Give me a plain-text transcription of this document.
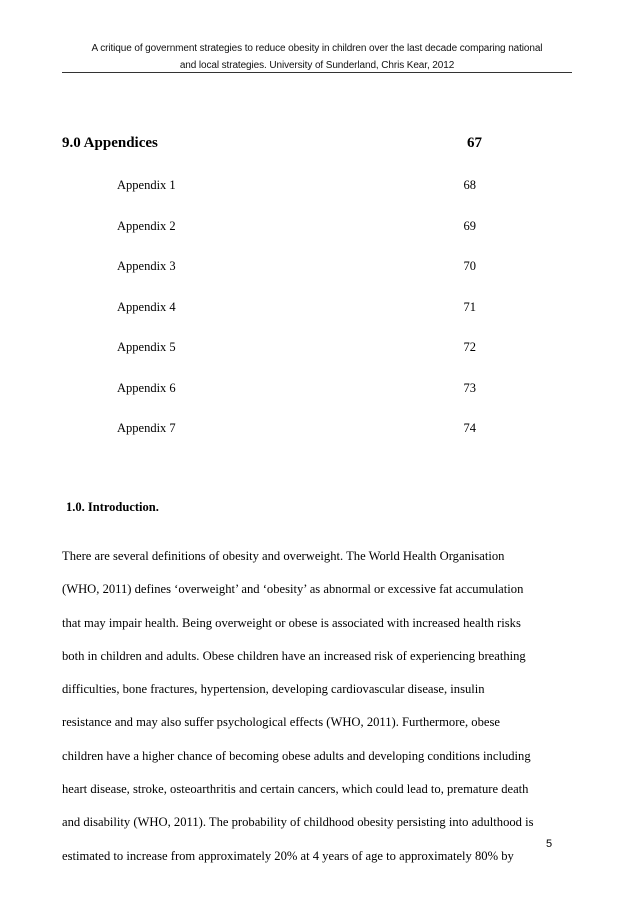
A critique of government strategies to reduce obesity in children over the last decade comparing national
and local strategies. University of Sunderland, Chris Kear, 2012
9.0 Appendices	67
Appendix 1	68
Appendix 2	69
Appendix 3	70
Appendix 4	71
Appendix 5	72
Appendix 6	73
Appendix 7	74
1.0. Introduction.
There are several definitions of obesity and overweight. The World Health Organisation
(WHO, 2011) defines ‘overweight’ and ‘obesity’ as abnormal or excessive fat accumulation
that may impair health. Being overweight or obese is associated with increased health risks
both in children and adults. Obese children have an increased risk of experiencing breathing
difficulties, bone fractures, hypertension, developing cardiovascular disease, insulin
resistance and may also suffer psychological effects (WHO, 2011). Furthermore, obese
children have a higher chance of becoming obese adults and developing conditions including
heart disease, stroke, osteoarthritis and certain cancers, which could lead to, premature death
and disability (WHO, 2011). The probability of childhood obesity persisting into adulthood is
estimated to increase from approximately 20% at 4 years of age to approximately 80% by
5
